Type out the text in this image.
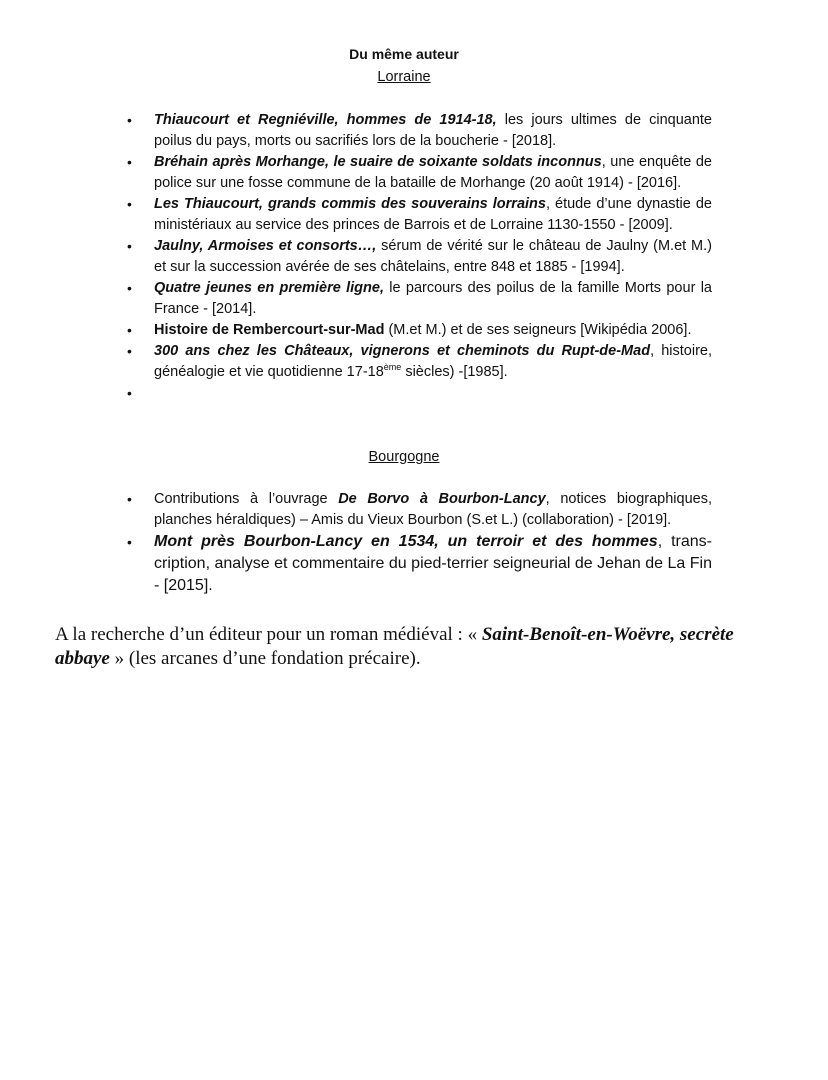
Du même auteur
Lorraine
• Thiaucourt et Regniéville, hommes de 1914-18, les jours ultimes de cinquante poilus du pays, morts ou sacrifiés lors de la boucherie - [2018].
• Bréhain après Morhange, le suaire de soixante soldats inconnus, une enquête de police sur une fosse commune de la bataille de Morhange (20 août 1914) - [2016].
• Les Thiaucourt, grands commis des souverains lorrains, étude d’une dynastie de ministériaux au service des princes de Barrois et de Lorraine 1130-1550 - [2009].
• Jaulny, Armoises et consorts…, sérum de vérité sur le château de Jaulny (M.et M.) et sur la succession avérée de ses châtelains, entre 848 et 1885 - [1994].
• Quatre jeunes en première ligne, le parcours des poilus de la famille Morts pour la France - [2014].
• Histoire de Rembercourt-sur-Mad (M.et M.) et de ses seigneurs [Wikipédia 2006].
• 300 ans chez les Châteaux, vignerons et cheminots du Rupt-de-Mad, histoire, généalogie et vie quotidienne 17-18ème siècles) -[1985].
•
Bourgogne
• Contributions à l’ouvrage De Borvo à Bourbon-Lancy, notices biographiques, planches héraldiques) – Amis du Vieux Bourbon (S.et L.) (collaboration) - [2019].
• Mont près Bourbon-Lancy en 1534, un terroir et des hommes, trans-cription, analyse et commentaire du pied-terrier seigneurial de Jehan de La Fin - [2015].
A la recherche d’un éditeur pour un roman médiéval : « Saint-Benoît-en-Woëvre, secrète abbaye » (les arcanes d’une fondation précaire).
